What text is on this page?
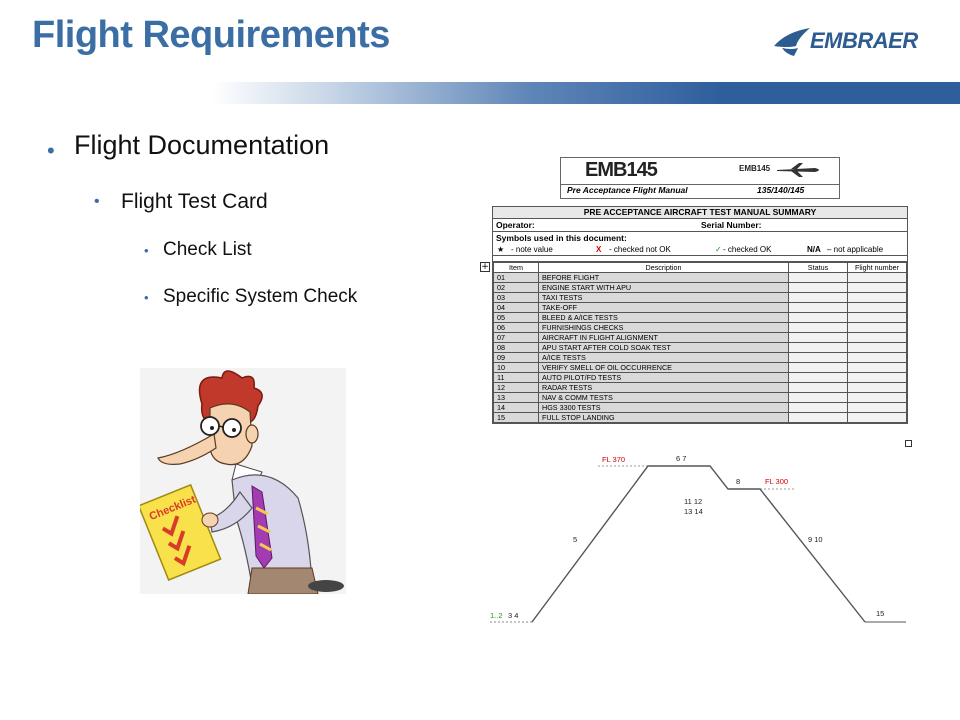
Flight Requirements	EMBRAER
• Flight Documentation
• Flight Test Card
• Check List
• Specific System Check
Checklist
EMB145	EMB145
Pre Acceptance Flight Manual	135/140/145
+
PRE ACCEPTANCE AIRCRAFT TEST MANUAL SUMMARY
Operator:	Serial Number:
Symbols used in this document:
★ - note value	X - checked not OK	✓ - checked OK	N/A – not applicable
Item	Description	Status	Flight number
01	BEFORE FLIGHT		
02	ENGINE START WITH APU		
03	TAXI TESTS		
04	TAKE-OFF		
05	BLEED & A/ICE TESTS		
06	FURNISHINGS CHECKS		
07	AIRCRAFT IN FLIGHT ALIGNMENT		
08	APU START AFTER COLD SOAK TEST		
09	A/ICE TESTS		
10	VERIFY SMELL OF OIL OCCURRENCE		
11	AUTO PILOT/FD TESTS		
12	RADAR TESTS		
13	NAV & COMM TESTS		
14	HGS 3300 TESTS		
15	FULL STOP LANDING		
FL 370
FL 300
6 7
8
11 12
13 14
5	9 10
1..2 3 4	15
